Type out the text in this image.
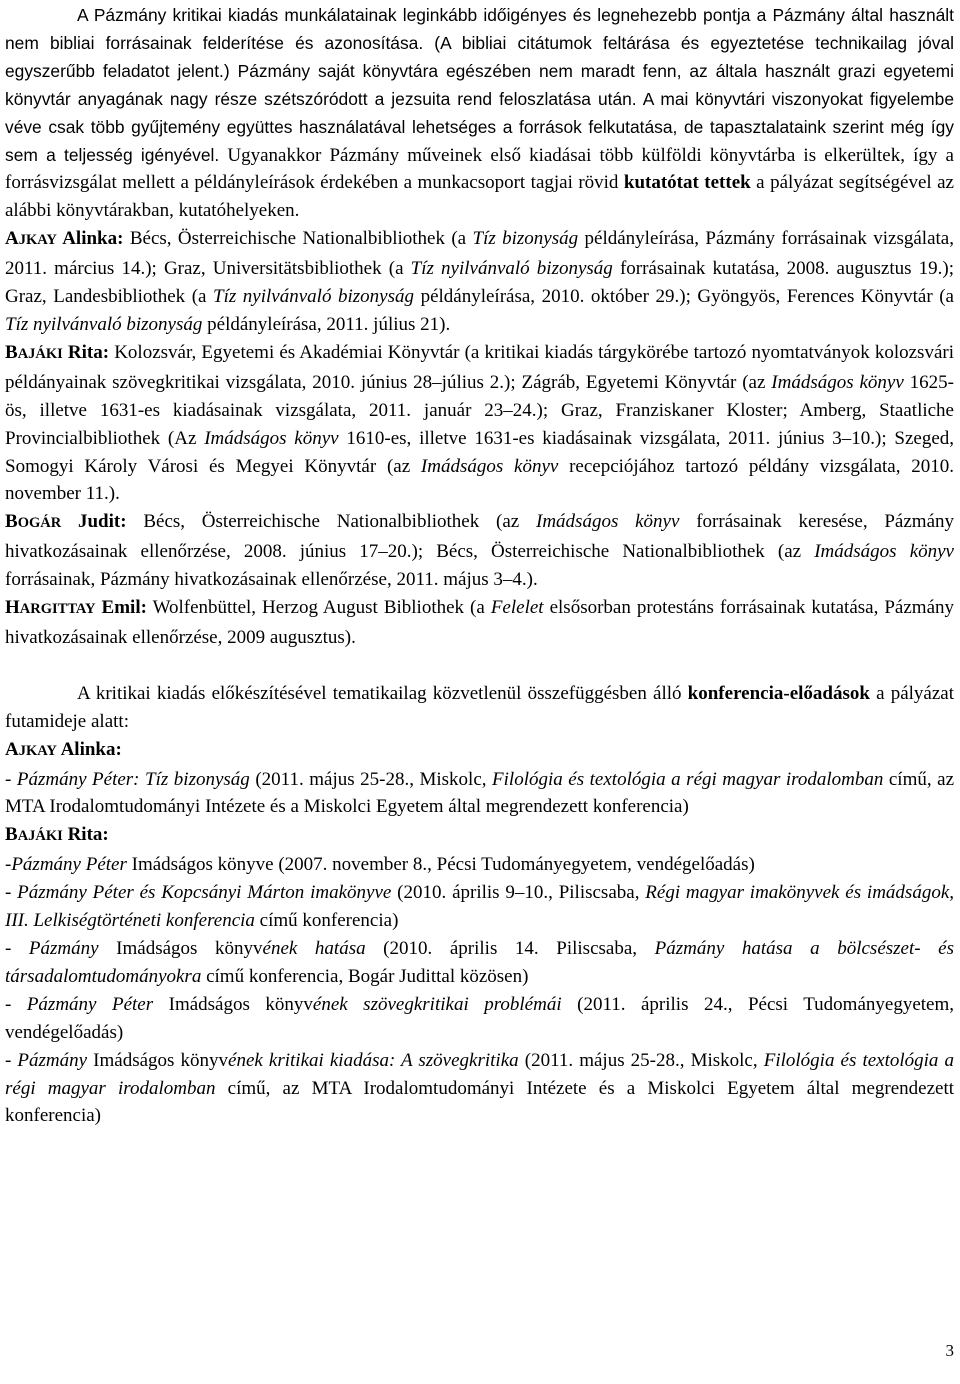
A Pázmány kritikai kiadás munkálatainak leginkább időigényes és legnehezebb pontja a Pázmány által használt nem bibliai forrásainak felderítése és azonosítása. (A bibliai citátumok feltárása és egyeztetése technikailag jóval egyszerűbb feladatot jelent.) Pázmány saját könyvtára egészében nem maradt fenn, az általa használt grazi egyetemi könyvtár anyagának nagy része szétszóródott a jezsuita rend feloszlatása után. A mai könyvtári viszonyokat figyelembe véve csak több gyűjtemény együttes használatával lehetséges a források felkutatása, de tapasztalataink szerint még így sem a teljesség igényével. Ugyanakkor Pázmány műveinek első kiadásai több külföldi könyvtárba is elkerültek, így a forrásvizsgálat mellett a példányleírások érdekében a munkacsoport tagjai rövid kutatótat tettek a pályázat segítségével az alábbi könyvtárakban, kutatóhelyeken.

AJKAY Alinka: Bécs, Österreichische Nationalbibliothek (a Tíz bizonyság példányleírása, Pázmány forrásainak vizsgálata, 2011. március 14.); Graz, Universitätsbibliothek (a Tíz nyilvánvaló bizonyság forrásainak kutatása, 2008. augusztus 19.); Graz, Landesbibliothek (a Tíz nyilvánvaló bizonyság példányleírása, 2010. október 29.); Gyöngyös, Ferences Könyvtár (a Tíz nyilvánvaló bizonyság példányleírása, 2011. július 21).

BAJÁKI Rita: Kolozsvár, Egyetemi és Akadémiai Könyvtár (a kritikai kiadás tárgykörébe tartozó nyomtatványok kolozsvári példányainak szövegkritikai vizsgálata, 2010. június 28–július 2.); Zágráb, Egyetemi Könyvtár (az Imádságos könyv 1625-ös, illetve 1631-es kiadásainak vizsgálata, 2011. január 23–24.); Graz, Franziskaner Kloster; Amberg, Staatliche Provincialbibliothek (Az Imádságos könyv 1610-es, illetve 1631-es kiadásainak vizsgálata, 2011. június 3–10.); Szeged, Somogyi Károly Városi és Megyei Könyvtár (az Imádságos könyv recepciójához tartozó példány vizsgálata, 2010. november 11.).

BOGÁR Judit: Bécs, Österreichische Nationalbibliothek (az Imádságos könyv forrásainak keresése, Pázmány hivatkozásainak ellenőrzése, 2008. június 17–20.); Bécs, Österreichische Nationalbibliothek (az Imádságos könyv forrásainak, Pázmány hivatkozásainak ellenőrzése, 2011. május 3–4.).

HARGITTAY Emil: Wolfenbüttel, Herzog August Bibliothek (a Felelet elsősorban protestáns forrásainak kutatása, Pázmány hivatkozásainak ellenőrzése, 2009 augusztus).

A kritikai kiadás előkészítésével tematikailag közvetlenül összefüggésben álló konferencia-előadások a pályázat futamideje alatt:

AJKAY Alinka:

- Pázmány Péter: Tíz bizonyság (2011. május 25-28., Miskolc, Filológia és textológia a régi magyar irodalomban című, az MTA Irodalomtudományi Intézete és a Miskolci Egyetem által megrendezett konferencia)

BAJÁKI Rita:

-Pázmány Péter Imádságos könyve (2007. november 8., Pécsi Tudományegyetem, vendégelőadás)

- Pázmány Péter és Kopcsányi Márton imakönyve (2010. április 9–10., Piliscsaba, Régi magyar imakönyvek és imádságok, III. Lelkiségtörténeti konferencia című konferencia)

- Pázmány Imádságos könyvének hatása (2010. április 14. Piliscsaba, Pázmány hatása a bölcsészet- és társadalomtudományokra című konferencia, Bogár Judittal közösen)

- Pázmány Péter Imádságos könyvének szövegkritikai problémái (2011. április 24., Pécsi Tudományegyetem, vendégelőadás)

- Pázmány Imádságos könyvének kritikai kiadása: A szövegkritika (2011. május 25-28., Miskolc, Filológia és textológia a régi magyar irodalomban című, az MTA Irodalomtudományi Intézete és a Miskolci Egyetem által megrendezett konferencia)

3
